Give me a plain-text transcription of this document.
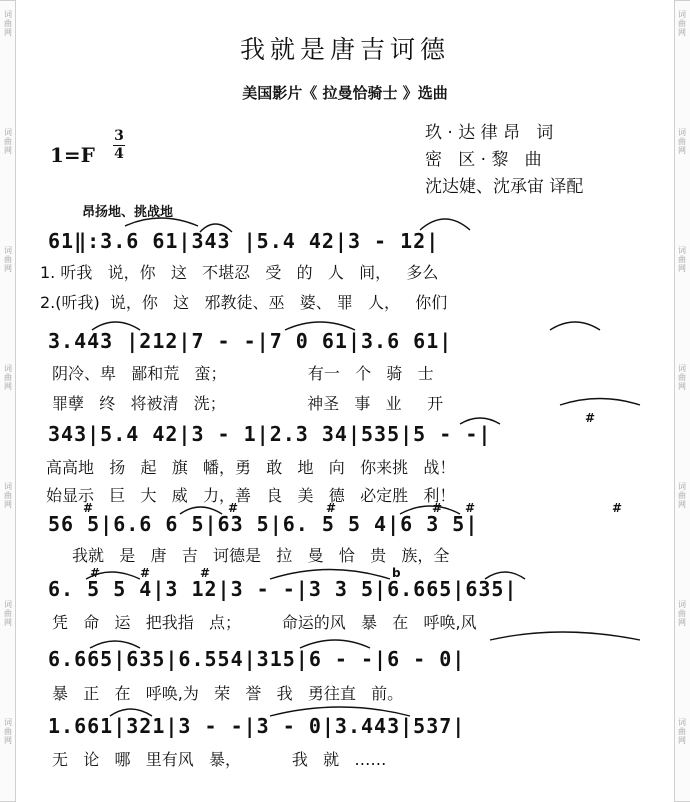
词
曲
网
词
曲
网
词
曲
网
词
曲
网
词
曲
网
词
曲
网
词
曲
网
词
曲
网
词
曲
网
词
曲
网
词
曲
网
词
曲
网
词
曲
网
词
曲
网
我就是唐吉诃德
美国影片《 拉曼恰骑士 》选曲
玖 · 达 律 昂   词
密   区 · 黎   曲
沈达婕、沈承宙 译配
1=F
3
4
昂扬地、挑战地
61‖:3.6 61|343 |5.4 42|3 - 12|
1. 听我   说，你   这   不堪忍   受   的   人   间，   多么
2.(听我)  说，你   这   邪教徒、巫   婆、 罪   人，   你们
3.443 |212|7 - -|7 0 61|3.6 61|
阴冷、卑   鄙和荒   蛮；                有一   个   骑   士
罪孽   终   将被清   洗；                神圣   事   业     开
343|5.4 42|3 - 1|2.3 34|535|5 - -|
高高地   扬   起   旗   幡，勇   敢   地   向   你来挑   战！
始显示   巨   大   威   力，善   良   美   德   必定胜   利！
56 5|6.6 6 5|63 5|6. 5 5 4|6 3 5|
我就   是   唐   吉   诃德是   拉   曼   恰   贵   族，全
6. 5 5 4|3 12|3 - -|3 3 5|6.665|635|
凭   命   运   把我指   点；        命运的风   暴   在   呼唤,风
6.665|635|6.554|315|6 - -|6 - 0|
暴   正   在   呼唤,为   荣   誉   我   勇往直   前。
1.661|321|3 - -|3 - 0|3.443|537|
无   论   哪   里有风   暴，          我   就   ……
#
#	#	#	# #	#
#	#	#	b
